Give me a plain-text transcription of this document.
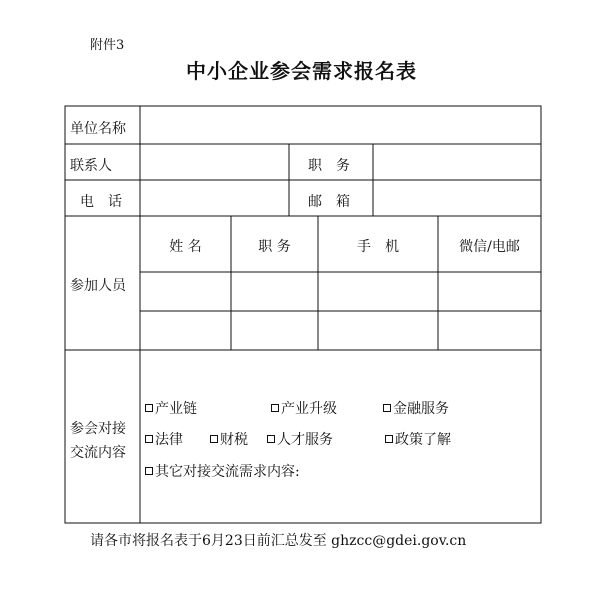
附件3
中小企业参会需求报名表
单位名称
联系人	职　务
电　话	邮　箱
参加人员
姓 名	职 务	手　机	微信/电邮
参会对接
交流内容
产业链	产业升级	金融服务
法律	财税	人才服务	政策了解
其它对接交流需求内容:
请各市将报名表于6月23日前汇总发至 ghzcc@gdei.gov.cn
